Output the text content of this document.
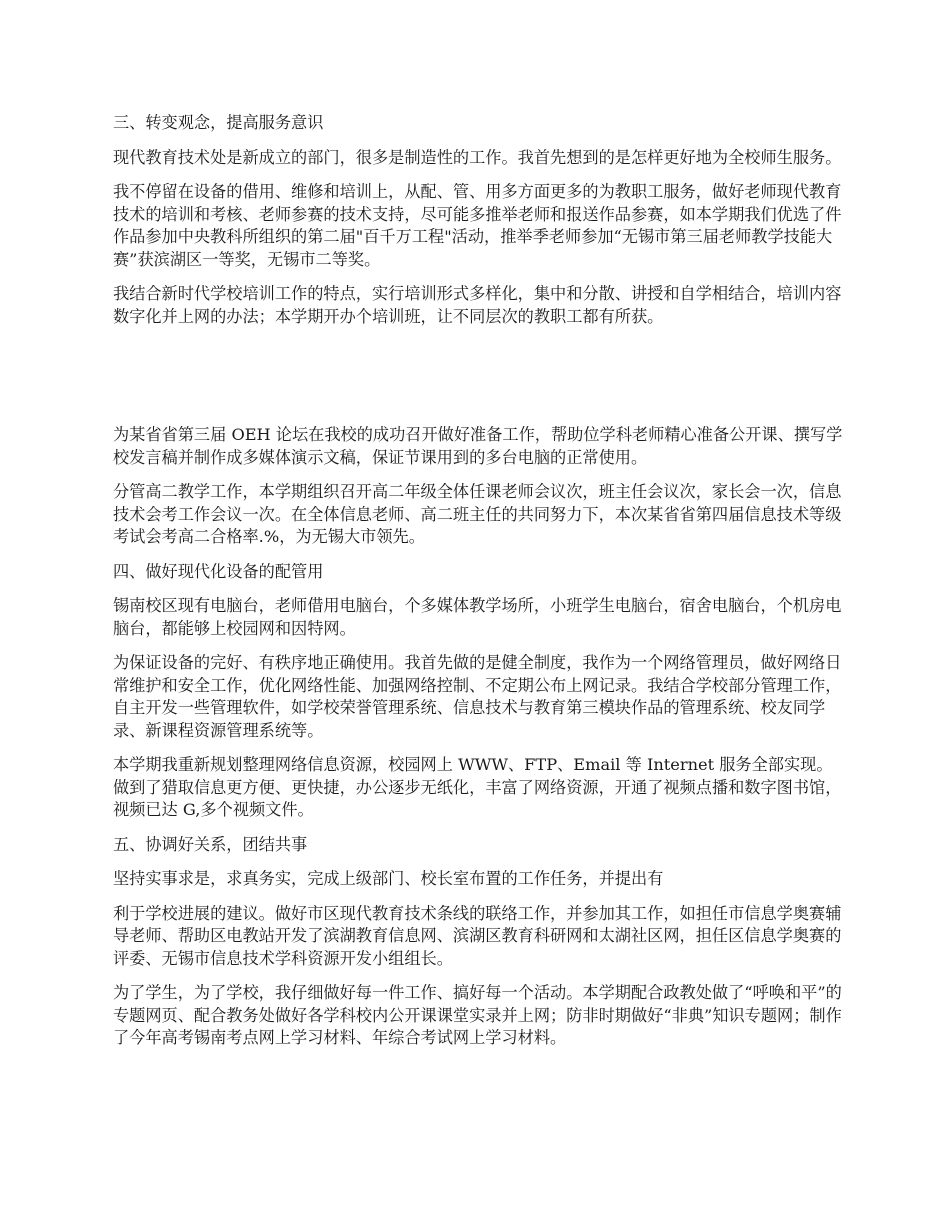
三、转变观念，提高服务意识

现代教育技术处是新成立的部门，很多是制造性的工作。我首先想到的是怎样更好地为全校师生服务。

我不停留在设备的借用、维修和培训上，从配、管、用多方面更多的为教职工服务，做好老师现代教育技术的培训和考核、老师参赛的技术支持，尽可能多推举老师和报送作品参赛，如本学期我们优选了件作品参加中央教科所组织的第二届"百千万工程"活动，推举季老师参加“无锡市第三届老师教学技能大赛”获滨湖区一等奖，无锡市二等奖。

我结合新时代学校培训工作的特点，实行培训形式多样化，集中和分散、讲授和自学相结合，培训内容数字化并上网的办法；本学期开办个培训班，让不同层次的教职工都有所获。

为某省省第三届 OEH 论坛在我校的成功召开做好准备工作，帮助位学科老师精心准备公开课、撰写学校发言稿并制作成多媒体演示文稿，保证节课用到的多台电脑的正常使用。

分管高二教学工作，本学期组织召开高二年级全体任课老师会议次，班主任会议次，家长会一次，信息技术会考工作会议一次。在全体信息老师、高二班主任的共同努力下，本次某省省第四届信息技术等级考试会考高二合格率.%，为无锡大市领先。

四、做好现代化设备的配管用

锡南校区现有电脑台，老师借用电脑台，个多媒体教学场所，小班学生电脑台，宿舍电脑台，个机房电脑台，都能够上校园网和因特网。

为保证设备的完好、有秩序地正确使用。我首先做的是健全制度，我作为一个网络管理员，做好网络日常维护和安全工作，优化网络性能、加强网络控制、不定期公布上网记录。我结合学校部分管理工作，自主开发一些管理软件，如学校荣誉管理系统、信息技术与教育第三模块作品的管理系统、校友同学录、新课程资源管理系统等。

本学期我重新规划整理网络信息资源，校园网上 WWW、FTP、Email 等 Internet 服务全部实现。做到了猎取信息更方便、更快捷，办公逐步无纸化，丰富了网络资源，开通了视频点播和数字图书馆，视频已达 G,多个视频文件。

五、协调好关系，团结共事

坚持实事求是，求真务实，完成上级部门、校长室布置的工作任务，并提出有

利于学校进展的建议。做好市区现代教育技术条线的联络工作，并参加其工作，如担任市信息学奥赛辅导老师、帮助区电教站开发了滨湖教育信息网、滨湖区教育科研网和太湖社区网，担任区信息学奥赛的评委、无锡市信息技术学科资源开发小组组长。

为了学生，为了学校，我仔细做好每一件工作、搞好每一个活动。本学期配合政教处做了“呼唤和平”的专题网页、配合教务处做好各学科校内公开课课堂实录并上网；防非时期做好“非典”知识专题网；制作了今年高考锡南考点网上学习材料、年综合考试网上学习材料。
